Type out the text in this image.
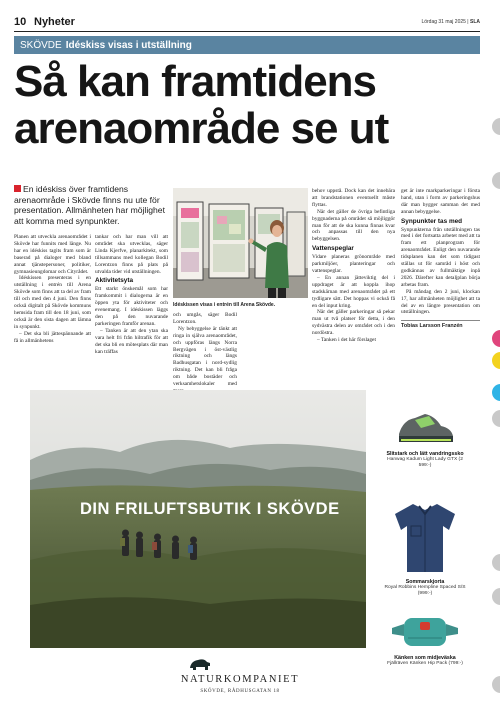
10 Nyheter	Lördag 31 maj 2025 | SLA
SKÖVDE Idéskiss visas i utställning
Så kan framtidens
arenaområde se ut
En idéskiss över framtidens arenaområde i Skövde finns nu ute för presentation. Allmänheten har möjlighet att komma med synpunkter.

Planen att utveckla arenaområdet i Skövde har funnits med länge. Nu har en idéskiss tagits fram som är baserad på dialoger med bland annat tjänstepersoner, politiker, gymnasieungdomar och Cityrådet.

Idéskissen presenteras i en utställning i entrén till Arena Skövde som finns att ta del av fram till och med den 4 juni. Den finns också digitalt på Skövde kommuns hemsida fram till den 18 juni, som också är den sista dagen att lämna in synpunkt.

– Det ska bli jättespännande att få in allmänhetens

tankar och har man vill att området ska utvecklas, säger Linda Kjerfve, planarkitekt, som tillsammans med kollegan Bodil Lorentzon finns på plats på utvalda tider vid utställningen.

Aktivitetsyta

Ett starkt önskemål som har framkommit i dialogerna är en öppen yta för aktiviteter och evenemang. I idéskissen läggs den på den nuvarande parkeringen framför arenan.

– Tanken är att den ytan ska vara helt fri från hiltrafik för att det ska bli en mötesplats där man kan träffas

Idéskissen visas i entrén till Arena Skövde.

och umgås, säger Bodil Lorentzon.

Ny bebyggelse är tänkt att ringa in själva arenaområdet, och uppföras längs Norra Bergvägen i öst-västlig riktning och längs Badhusgatan i nord-sydlig riktning. Det kan bli fråga om både bostäder och verksamhetslokaler med

behov uppstå. Dock kan det innebära att brandstationen eventuellt måste flyttas.

När det gäller de övriga befintliga byggnaderna på området så möjliggör man för att de ska kunna finnas kvar och anpassas till den nya bebyggelsen.

Vattenspeglar

Vidare planeras grönområde med parkmiljöer, planteringar och vattenspeglar.

– En annan jätteviktig del i uppdraget är att koppla ihop stadskärnan med arenaområdet på ett tydligare sätt. Det hoppas vi också få en del input kring.

När det gäller parkeringar så pekar man ut två platser för detta, i den sydvästra delen av området och i den nordöstra.

– Tanken i det här förslaget

get är inte markparkeringar i första hand, utan i form av parkeringshus där man bygger samman det med annan bebyggelse.

Synpunkter tas med

Synpunkterna från utställningen tas med i det fortsatta arbetet med att ta fram ett planprogram för arenaområdet. Enligt den nuvarande tidsplanen kan det som tidigast ställas ut för samråd i höst och godkännas av fullmäktige inpå 2026. Därefter kan detaljplan börja arbetas fram.

På måndag den 2 juni, klockan 17, har allmänheten möjlighet att ta del av en längre presentation om utställningen.

Tobias Larsson Franzén
DIN FRILUFTSBUTIK I SKÖVDE
Slitstark och lätt vandringssko
Hanwag Kadum Light Lady GTX (2 599:-)
Sommarskjorta
Royal Robbins Hempline Spaced S/S (999:-)
Känken som midjeväska
Fjällräven Känken Hip Pack (799:-)
NATURKOMPANIET
SKÖVDE, RÅDHUSGATAN 18
